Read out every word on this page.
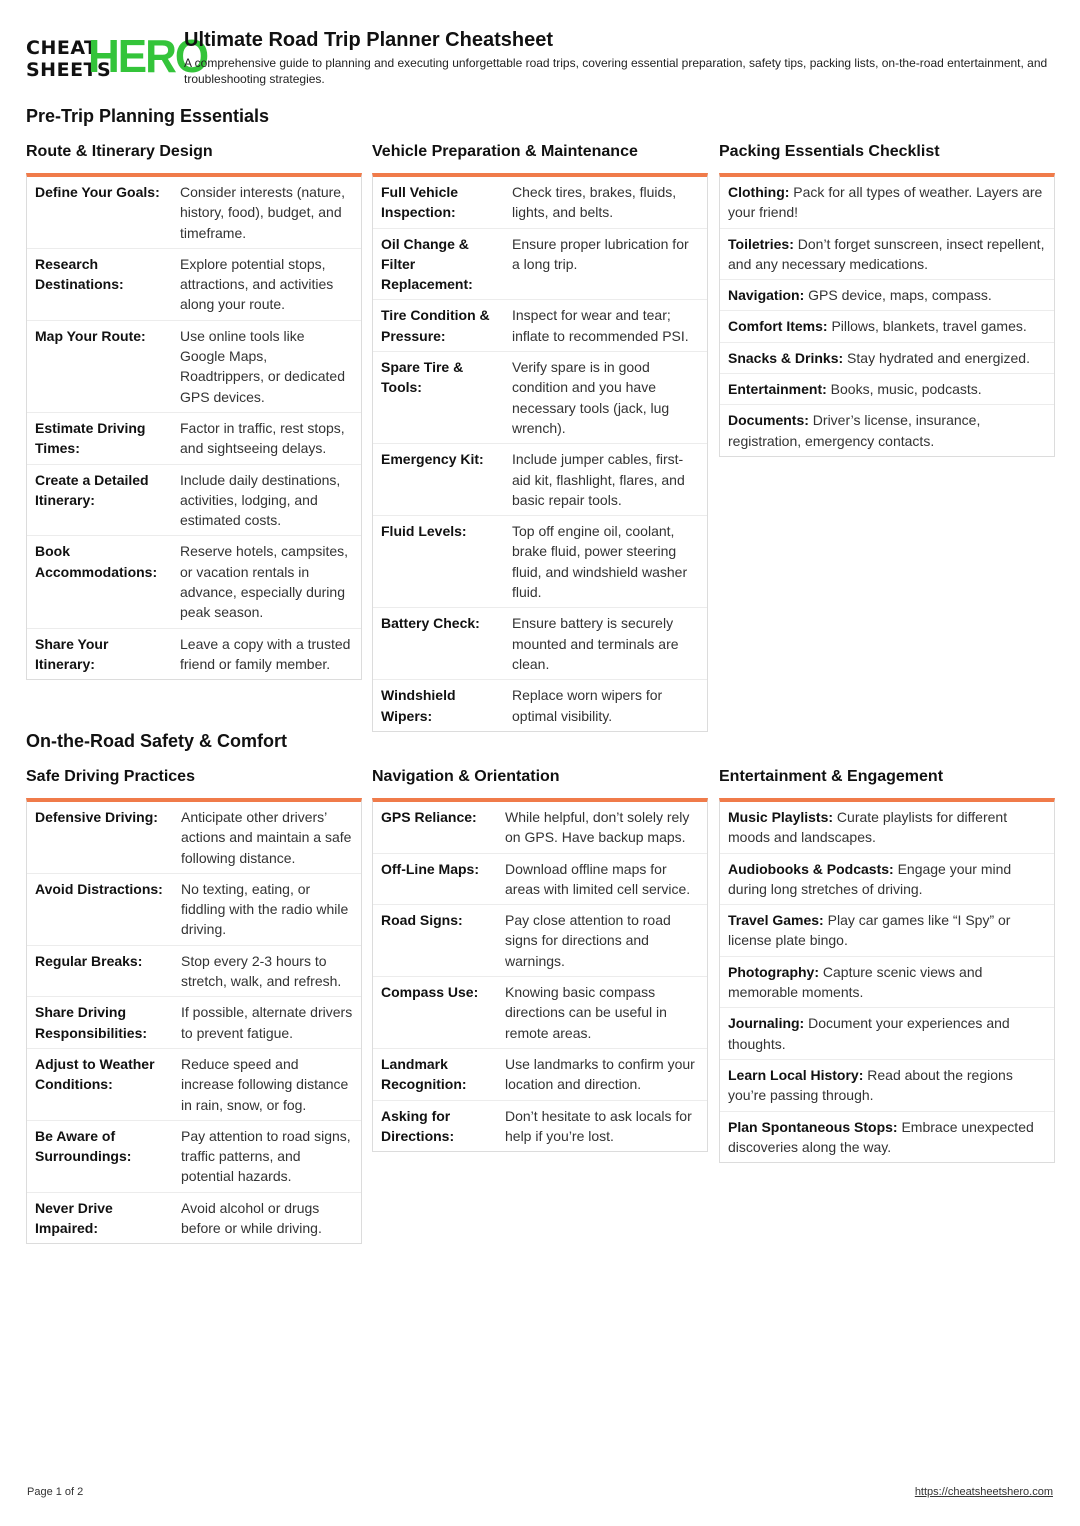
CHEAT
SHEETS
HERO
Ultimate Road Trip Planner Cheatsheet

A comprehensive guide to planning and executing unforgettable road trips, covering essential preparation, safety tips, packing lists, on-the-road entertainment, and troubleshooting strategies.

Pre-Trip Planning Essentials
Route & Itinerary Design
Define Your Goals:	Consider interests (nature, history, food), budget, and timeframe.
Research Destinations:
Explore potential stops, attractions, and activities along your route.
Map Your Route:	Use online tools like Google Maps, Roadtrippers, or dedicated GPS devices.
Estimate Driving Times:
Factor in traffic, rest stops, and sightseeing delays.
Create a Detailed Itinerary:
Include daily destinations, activities, lodging, and estimated costs.
Book Accommodations:
Reserve hotels, campsites, or vacation rentals in advance, especially during peak season.
Share Your Itinerary:
Leave a copy with a trusted friend or family member.
Vehicle Preparation & Maintenance
Full Vehicle Inspection:
Check tires, brakes, fluids, lights, and belts.
Oil Change & Filter Replacement:
Ensure proper lubrication for a long trip.
Tire Condition & Pressure:
Inspect for wear and tear; inflate to recommended PSI.
Spare Tire & Tools:
Verify spare is in good condition and you have necessary tools (jack, lug wrench).
Emergency Kit:	Include jumper cables, first-aid kit, flashlight, flares, and basic repair tools.
Fluid Levels:	Top off engine oil, coolant, brake fluid, power steering fluid, and windshield washer fluid.
Battery Check:	Ensure battery is securely mounted and terminals are clean.
Windshield Wipers:
Replace worn wipers for optimal visibility.
Packing Essentials Checklist
Clothing: Pack for all types of weather. Layers are your friend!
Toiletries: Don’t forget sunscreen, insect repellent, and any necessary medications.
Navigation: GPS device, maps, compass.
Comfort Items: Pillows, blankets, travel games.
Snacks & Drinks: Stay hydrated and energized.
Entertainment: Books, music, podcasts.
Documents: Driver’s license, insurance, registration, emergency contacts.
On-the-Road Safety & Comfort
Safe Driving Practices
Defensive Driving:	Anticipate other drivers’ actions and maintain a safe following distance.
Avoid Distractions:	No texting, eating, or fiddling with the radio while driving.
Regular Breaks:	Stop every 2-3 hours to stretch, walk, and refresh.
Share Driving Responsibilities:
If possible, alternate drivers to prevent fatigue.
Adjust to Weather Conditions:
Reduce speed and increase following distance in rain, snow, or fog.
Be Aware of Surroundings:
Pay attention to road signs, traffic patterns, and potential hazards.
Never Drive Impaired:
Avoid alcohol or drugs before or while driving.
Navigation & Orientation
GPS Reliance:	While helpful, don’t solely rely on GPS. Have backup maps.
Off-Line Maps:	Download offline maps for areas with limited cell service.
Road Signs:	Pay close attention to road signs for directions and warnings.
Compass Use:	Knowing basic compass directions can be useful in remote areas.
Landmark Recognition:
Use landmarks to confirm your location and direction.
Asking for Directions:
Don’t hesitate to ask locals for help if you’re lost.
Entertainment & Engagement
Music Playlists: Curate playlists for different moods and landscapes.
Audiobooks & Podcasts: Engage your mind during long stretches of driving.
Travel Games: Play car games like “I Spy” or license plate bingo.
Photography: Capture scenic views and memorable moments.
Journaling: Document your experiences and thoughts.
Learn Local History: Read about the regions you’re passing through.
Plan Spontaneous Stops: Embrace unexpected discoveries along the way.
Page 1 of 2	https://cheatsheetshero.com
